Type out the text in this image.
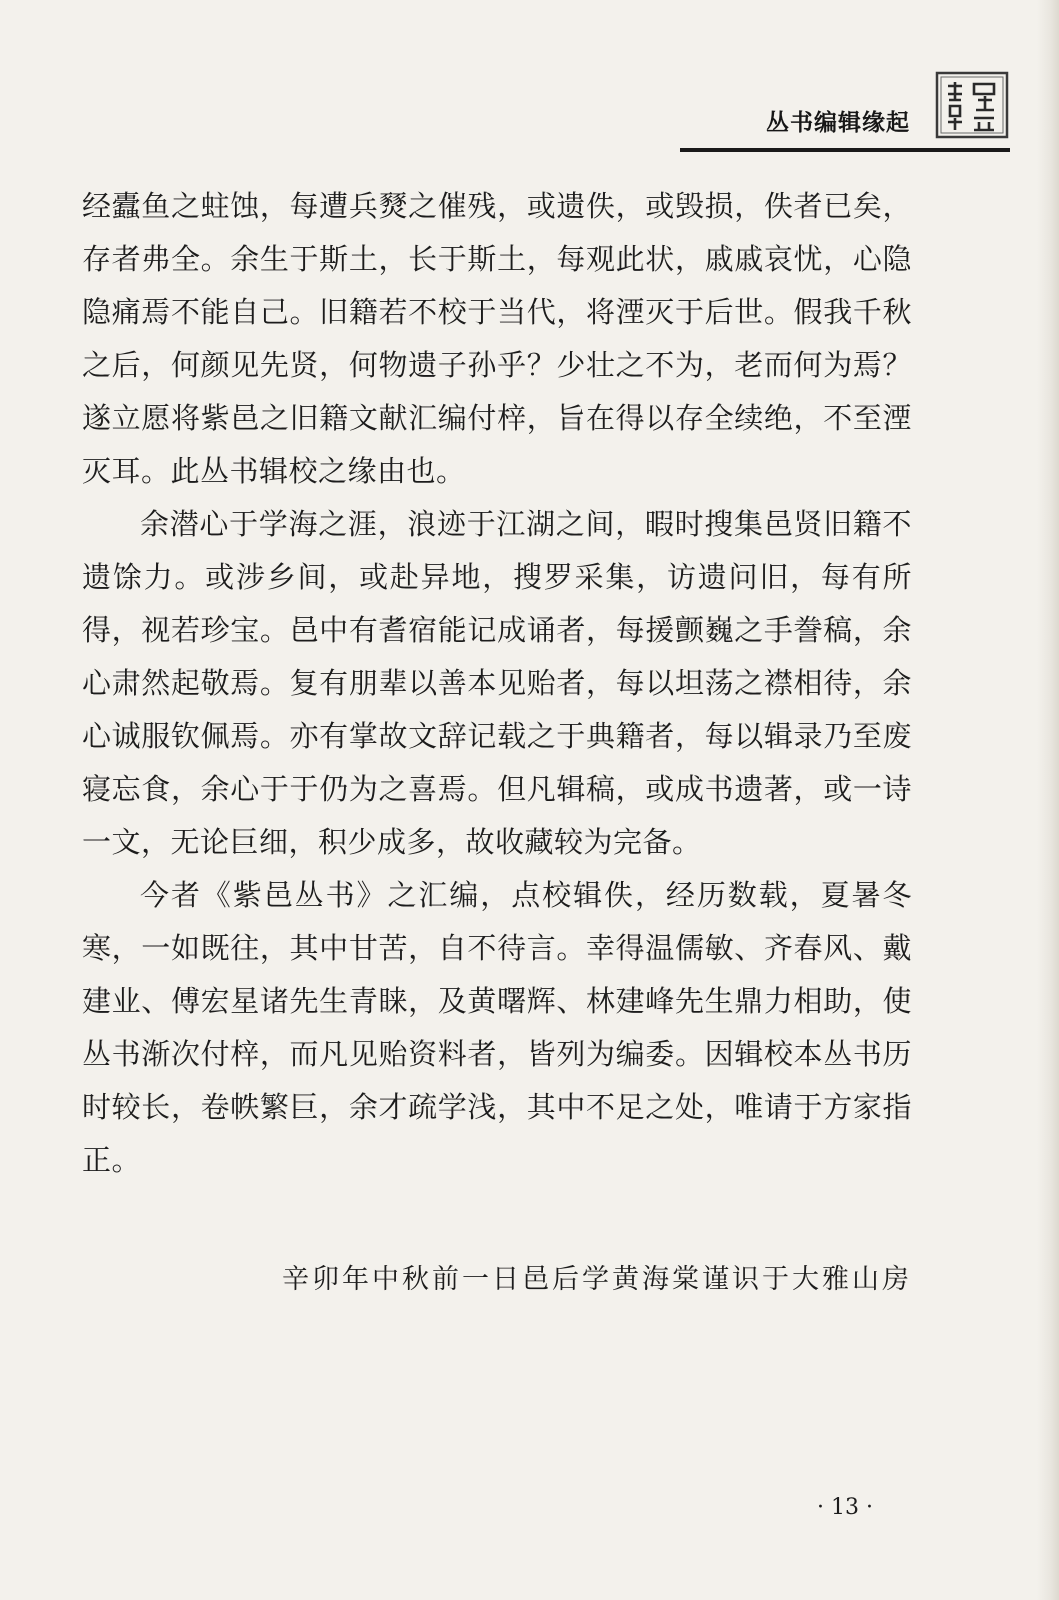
丛书编辑缘起

经蠹鱼之蛀蚀，每遭兵燹之催残，或遗佚，或毁损，佚者已矣，存者弗全。余生于斯土，长于斯土，每观此状，戚戚哀忧，心隐隐痛焉不能自己。旧籍若不校于当代，将湮灭于后世。假我千秋之后，何颜见先贤，何物遗子孙乎？少壮之不为，老而何为焉？遂立愿将紫邑之旧籍文献汇编付梓，旨在得以存全续绝，不至湮灭耳。此丛书辑校之缘由也。

余潜心于学海之涯，浪迹于江湖之间，暇时搜集邑贤旧籍不遗馀力。或涉乡间，或赴异地，搜罗采集，访遗问旧，每有所得，视若珍宝。邑中有耆宿能记成诵者，每援颤巍之手誊稿，余心肃然起敬焉。复有朋辈以善本见贻者，每以坦荡之襟相待，余心诚服钦佩焉。亦有掌故文辞记载之于典籍者，每以辑录乃至废寝忘食，余心于于仍为之喜焉。但凡辑稿，或成书遗著，或一诗一文，无论巨细，积少成多，故收藏较为完备。

今者《紫邑丛书》之汇编，点校辑佚，经历数载，夏暑冬寒，一如既往，其中甘苦，自不待言。幸得温儒敏、齐春风、戴建业、傅宏星诸先生青睐，及黄曙辉、林建峰先生鼎力相助，使丛书渐次付梓，而凡见贻资料者，皆列为编委。因辑校本丛书历时较长，卷帙繁巨，余才疏学浅，其中不足之处，唯请于方家指正。

辛卯年中秋前一日邑后学黄海棠谨识于大雅山房
· 13 ·
